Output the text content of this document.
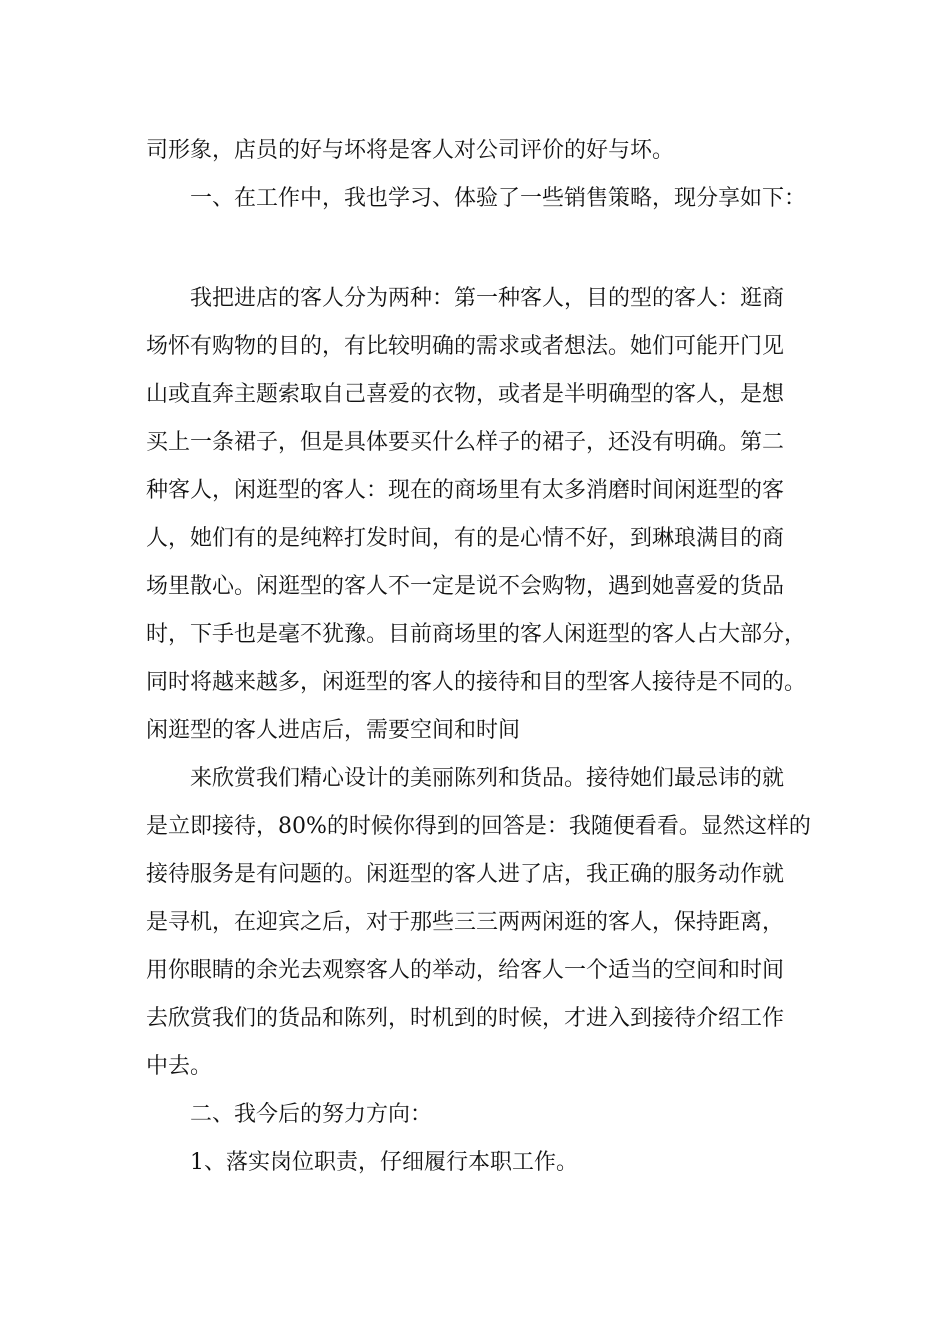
司形象，店员的好与坏将是客人对公司评价的好与坏。
一、在工作中，我也学习、体验了一些销售策略，现分享如下：
我把进店的客人分为两种：第一种客人，目的型的客人：逛商
场怀有购物的目的，有比较明确的需求或者想法。她们可能开门见
山或直奔主题索取自己喜爱的衣物，或者是半明确型的客人，是想
买上一条裙子，但是具体要买什么样子的裙子，还没有明确。第二
种客人，闲逛型的客人：现在的商场里有太多消磨时间闲逛型的客
人，她们有的是纯粹打发时间，有的是心情不好，到琳琅满目的商
场里散心。闲逛型的客人不一定是说不会购物，遇到她喜爱的货品
时，下手也是毫不犹豫。目前商场里的客人闲逛型的客人占大部分，
同时将越来越多，闲逛型的客人的接待和目的型客人接待是不同的。
闲逛型的客人进店后，需要空间和时间
来欣赏我们精心设计的美丽陈列和货品。接待她们最忌讳的就
是立即接待，80%的时候你得到的回答是：我随便看看。显然这样的
接待服务是有问题的。闲逛型的客人进了店，我正确的服务动作就
是寻机，在迎宾之后，对于那些三三两两闲逛的客人，保持距离，
用你眼睛的余光去观察客人的举动，给客人一个适当的空间和时间
去欣赏我们的货品和陈列，时机到的时候，才进入到接待介绍工作
中去。
二、我今后的努力方向：
1、落实岗位职责，仔细履行本职工作。
